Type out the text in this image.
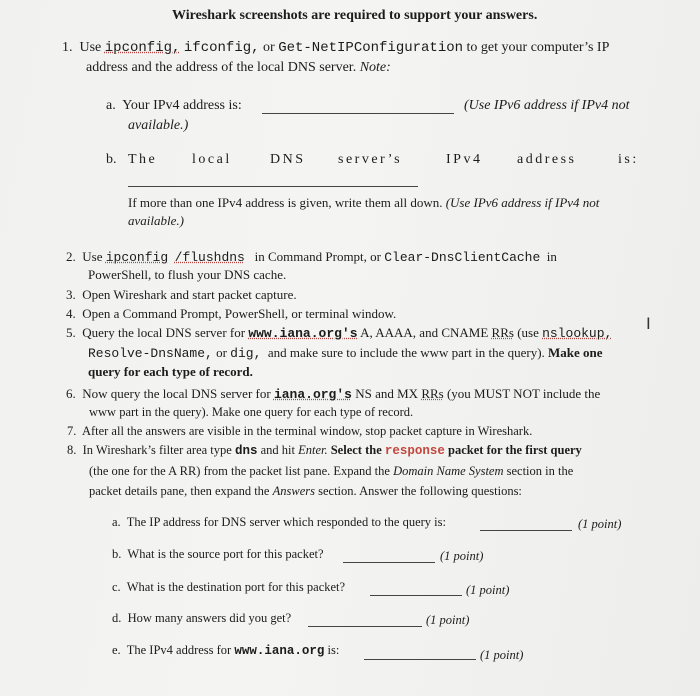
Wireshark screenshots are required to support your answers.
1. Use ipconfig, ifconfig, or Get-NetIPConfiguration to get your computer’s IP
address and the address of the local DNS server. Note:
a. Your IPv4 address is:	(Use IPv6 address if IPv4 not
available.)
b. The local	DNS server’s	IPv4 address	is:
If more than one IPv4 address is given, write them all down. (Use IPv6 address if IPv4 not
available.)
2. Use ipconfig /flushdns in Command Prompt, or Clear-DnsClientCache in
PowerShell, to flush your DNS cache.
3. Open Wireshark and start packet capture.
4. Open a Command Prompt, PowerShell, or terminal window.
5. Query the local DNS server for www.iana.org's A, AAAA, and CNAME RRs (use nslookup,
Resolve-DnsName, or dig, and make sure to include the www part in the query). Make one
query for each type of record.
6. Now query the local DNS server for iana.org's NS and MX RRs (you MUST NOT include the
www part in the query). Make one query for each type of record.
7. After all the answers are visible in the terminal window, stop packet capture in Wireshark.
8. In Wireshark’s filter area type dns and hit Enter. Select the response packet for the first query
(the one for the A RR) from the packet list pane. Expand the Domain Name System section in the
packet details pane, then expand the Answers section. Answer the following questions:
a. The IP address for DNS server which responded to the query is:	(1 point)
b. What is the source port for this packet?	(1 point)
c. What is the destination port for this packet?	(1 point)
d. How many answers did you get?	(1 point)
e. The IPv4 address for www.iana.org is:	(1 point)
I
